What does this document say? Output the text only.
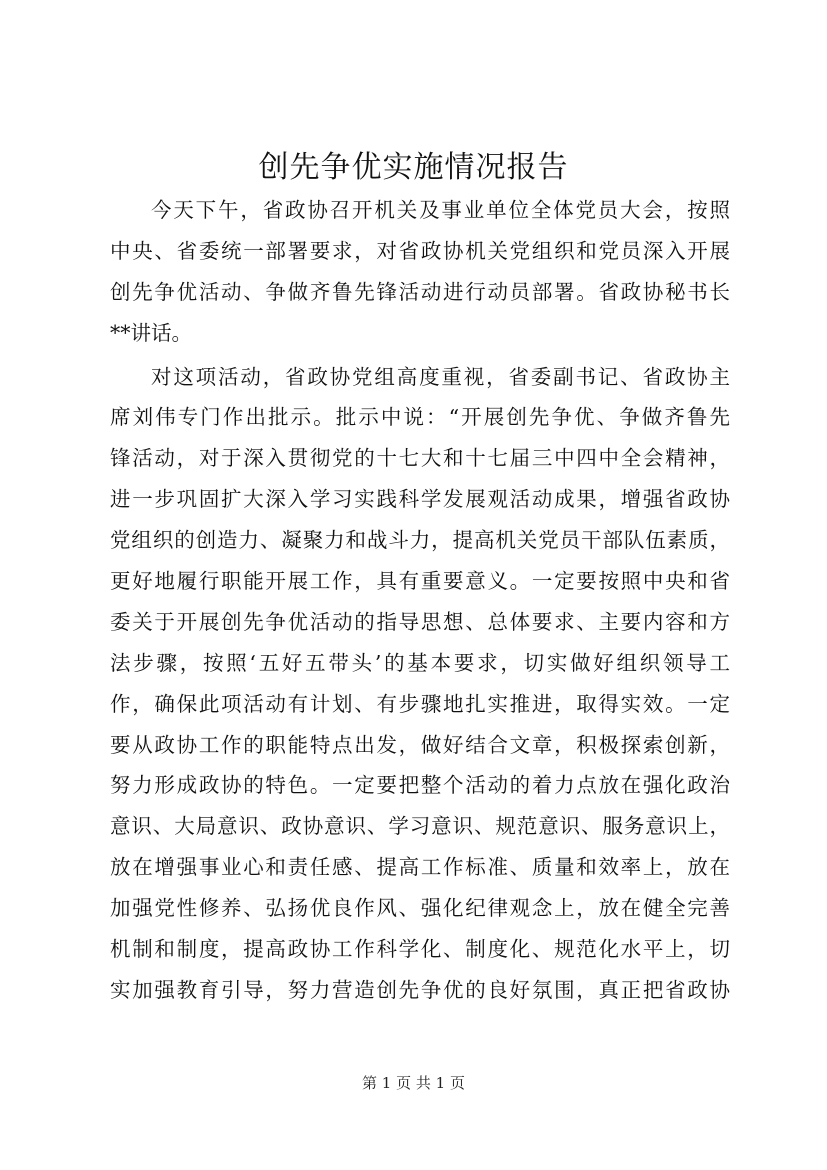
创先争优实施情况报告
今天下午，省政协召开机关及事业单位全体党员大会，按照
中央、省委统一部署要求，对省政协机关党组织和党员深入开展
创先争优活动、争做齐鲁先锋活动进行动员部署。省政协秘书长
**讲话。
对这项活动，省政协党组高度重视，省委副书记、省政协主
席刘伟专门作出批示。批示中说：“开展创先争优、争做齐鲁先
锋活动，对于深入贯彻党的十七大和十七届三中四中全会精神，
进一步巩固扩大深入学习实践科学发展观活动成果，增强省政协
党组织的创造力、凝聚力和战斗力，提高机关党员干部队伍素质，
更好地履行职能开展工作，具有重要意义。一定要按照中央和省
委关于开展创先争优活动的指导思想、总体要求、主要内容和方
法步骤，按照‘五好五带头’的基本要求，切实做好组织领导工
作，确保此项活动有计划、有步骤地扎实推进，取得实效。一定
要从政协工作的职能特点出发，做好结合文章，积极探索创新，
努力形成政协的特色。一定要把整个活动的着力点放在强化政治
意识、大局意识、政协意识、学习意识、规范意识、服务意识上，
放在增强事业心和责任感、提高工作标准、质量和效率上，放在
加强党性修养、弘扬优良作风、强化纪律观念上，放在健全完善
机制和制度，提高政协工作科学化、制度化、规范化水平上，切
实加强教育引导，努力营造创先争优的良好氛围，真正把省政协
第 1 页 共 1 页
